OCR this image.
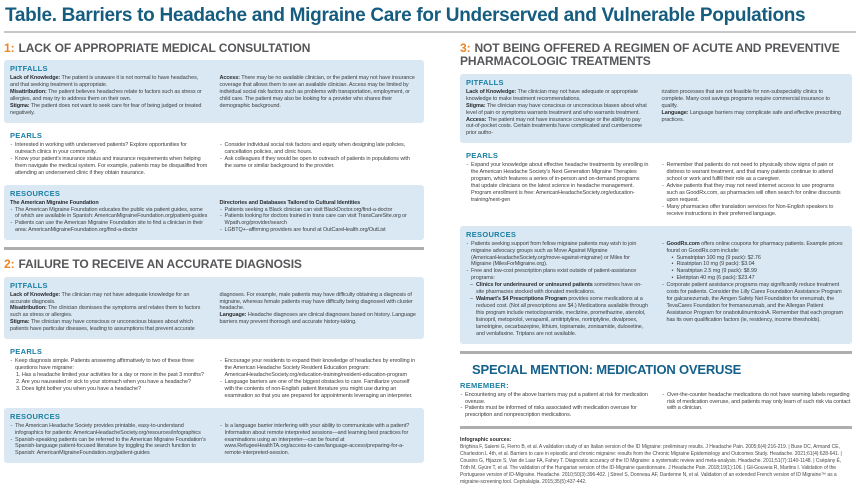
Table. Barriers to Headache and Migraine Care for Underserved and Vulnerable Populations
1: LACK OF APPROPRIATE MEDICAL CONSULTATION
PITFALLS

Lack of Knowledge: The patient is unaware it is not normal to have headaches, and that seeking treatment is appropriate.

Misattribution: The patient believes headaches relate to factors such as stress or allergies, and may try to address them on their own.

Stigma: The patient does not want to seek care for fear of being judged or treated negatively.

Access: There may be no available clinician, or the patient may not have insurance coverage that allows them to see an available clinician. Access may be limited by individual social risk factors such as problems with transportation, employment, or child care. The patient may also be looking for a provider who shares their demographic background.

PEARLS

- Interested in working with underserved patients? Explore opportunities for outreach clinics in your community.

- Know your patient’s insurance status and insurance requirements when helping them navigate the medical system. For example, patients may be disqualified from attending an underserved clinic if they obtain insurance.

- Consider individual social risk factors and equity when designing late policies, cancellation policies, and clinic hours.

- Ask colleagues if they would be open to outreach of patients in populations with the same or similar background to the provider.

RESOURCES

The American Migraine Foundation

- The American Migraine Foundation educates the public via patient guides, some of which are available in Spanish: AmericanMigraineFoundation.org/patient-guides

- Patients can use the American Migraine Foundation site to find a clinician in their area: AmericanMigraineFoundation.org/find-a-doctor

Directories and Databases Tailored to Cultural Identities

- Patients seeking a Black clinician can visit BlackDoctor.org/find-a-doctor

- Patients looking for doctors trained in trans care can visit TransCareSite.org or Wpath.org/provider/search

- LGBTQ+–affirming providers are found at OutCareHealth.org/OutList

2: FAILURE TO RECEIVE AN ACCURATE DIAGNOSIS
PITFALLS

Lack of Knowledge: The clinician may not have adequate knowledge for an accurate diagnosis.

Misattribution: The clinician dismisses the symptoms and relates them to factors such as stress or allergies.

Stigma: The clinician may have conscious or unconscious biases about which patients have particular diseases, leading to assumptions that prevent accurate

diagnoses. For example, male patients may have difficulty obtaining a diagnosis of migraine, whereas female patients may have difficulty being diagnosed with cluster headache.

Language: Headache diagnoses are clinical diagnoses based on history. Language barriers may prevent thorough and accurate history-taking.

PEARLS

- Keep diagnosis simple. Patients answering affirmatively to two of these three questions have migraine:

1. Has a headache limited your activities for a day or more in the past 3 months?

2. Are you nauseated or sick to your stomach when you have a headache?

3. Does light bother you when you have a headache?

- Encourage your residents to expand their knowledge of headaches by enrolling in the American Headache Society Resident Education program: AmericanHeadacheSociety.org/education-training/resident-education-program

- Language barriers are one of the biggest obstacles to care. Familiarize yourself with the contents of non-English patient literature you might use during an examination so that you are prepared for appointments leveraging an interpreter.

RESOURCES

- The American Headache Society provides printable, easy-to-understand infographics for patients: AmericanHeadacheSociety.org/resources/infographics

- Spanish-speaking patients can be referred to the American Migraine Foundation’s Spanish-language patient-focused literature by toggling the search function to Spanish: AmericanMigraineFoundation.org/patient-guides

- Is a language barrier interfering with your ability to communicate with a patient? Information about remote interpreted sessions—and learning best practices for examinations using an interpreter—can be found at www.RefugeeHealthTA.org/access-to-care/language-access/preparing-for-a-remote-interpreted-session.

3: NOT BEING OFFERED A REGIMEN OF ACUTE AND PREVENTIVE PHARMACOLOGIC TREATMENTS
PITFALLS

Lack of Knowledge: The clinician may not have adequate or appropriate knowledge to make treatment recommendations.

Stigma: The clinician may have conscious or unconscious biases about what level of pain or symptoms warrants treatment and who warrants treatment.

Access: The patient may not have insurance coverage or the ability to pay out-of-pocket costs. Certain treatments have complicated and cumbersome prior autho-

rization processes that are not feasible for non-subspeciality clinics to complete. Many cost savings programs require commercial insurance to qualify.

Language: Language barriers may complicate safe and effective prescribing practices.

PEARLS

- Expand your knowledge about effective headache treatments by enrolling in the American Headache Society’s Next Generation Migraine Therapies program, which features a series of in-person and on-demand programs that update clinicians on the latest science in headache management. Program enrollment is free: AmericanHeadacheSociety.org/education-training/next-gen

- Remember that patients do not need to physically show signs of pain or distress to warrant treatment, and that many patients continue to attend school or work and fulfill their role as a caregiver.

- Advise patients that they may not need internet access to use programs such as GoodRx.com, as pharmacies will often search for online discounts upon request.

- Many pharmacies offer translation services for Non-English speakers to receive instructions in their preferred language.

RESOURCES

- Patients seeking support from fellow migraine patients may wish to join migraine advocacy groups such as Move Against Migraine (AmericanHeadacheSociety.org/move-against-migraine) or Miles for Migraine (MilesForMigraine.org).

- Free and low-cost prescription plans exist outside of patient-assistance programs:

– Clinics for underinsured or uninsured patients sometimes have on-site pharmacies stocked with donated medications.

– Walmart’s $4 Prescriptions Program provides some medications at a reduced cost. (Not all prescriptions are $4.) Medications available through this program include metoclopramide, meclizine, promethazine, atenolol, lisinopril, metoprolol, verapamil, amitriptyline, nortriptyline, divalproex, lamotrigine, oxcarbazepine, lithium, topiramate, zonisamide, duloxetine, and venlafaxine. Triptans are not available.

- GoodRx.com offers online coupons for pharmacy patients. Example prices found on GoodRx.com include:

• Sumatriptan 100 mg (9 pack): $2.76

• Rizatriptan 10 mg (9 pack): $3.04

• Naratriptan 2.5 mg (9 pack): $8.99

• Eletriptan 40 mg (6 pack): $23.47

- Corporate patient assistance programs may significantly reduce treatment costs for patients. Consider the Lilly Cares Foundation Assistance Program for galcanezumab, the Amgen Safety Net Foundation for erenumab, the TevaCares Foundation for fremanezumab, and the Allergan Patient Assistance Program for onabotulinumtoxinA. Remember that each program has its own qualification factors (ie, residency, income thresholds).

SPECIAL MENTION: MEDICATION OVERUSE
REMEMBER:

- Encountering any of the above barriers may put a patient at risk for medication overuse.

- Patients must be informed of risks associated with medication overuse for prescription and nonprescription medications.

- Over-the-counter headache medications do not have warning labels regarding risk of medication overuse, and patients may only learn of such risk via contact with a clinician.

Infographic sources:
Brighina F, Salemi G, Fierro B, et al. A validation study of an Italian version of the ID Migraine: preliminary results. J Headache Pain. 2005;6(4):216-219. | Buse DC, Armand CE, Charleston L 4th, et al. Barriers to care in episodic and chronic migraine: results from the Chronic Migraine Epidemiology and Outcomes Study. Headache. 2021;61(4):628-641. | Cousins G, Hijazze S, Van de Laar FA, Fahey T. Diagnostic accuracy of the ID Migraine: a systematic review and meta-analysis. Headache. 2011;51(7):1140-1148. | Csépány É, Tóth M, Gyüre T, et al. The validation of the Hungarian version of the ID-Migraine questionnaire. J Headache Pain. 2018;19(1):106. | Gil-Gouveia R, Martins I. Validation of the Portuguese version of ID-Migraine. Headache. 2010;50(3):396-402. | Streel S, Donneau AF, Dardenne N, et al. Validation of an extended French version of ID Migraine™ as a migraine-screening tool. Cephalalgia. 2015;35(5):437-442.
